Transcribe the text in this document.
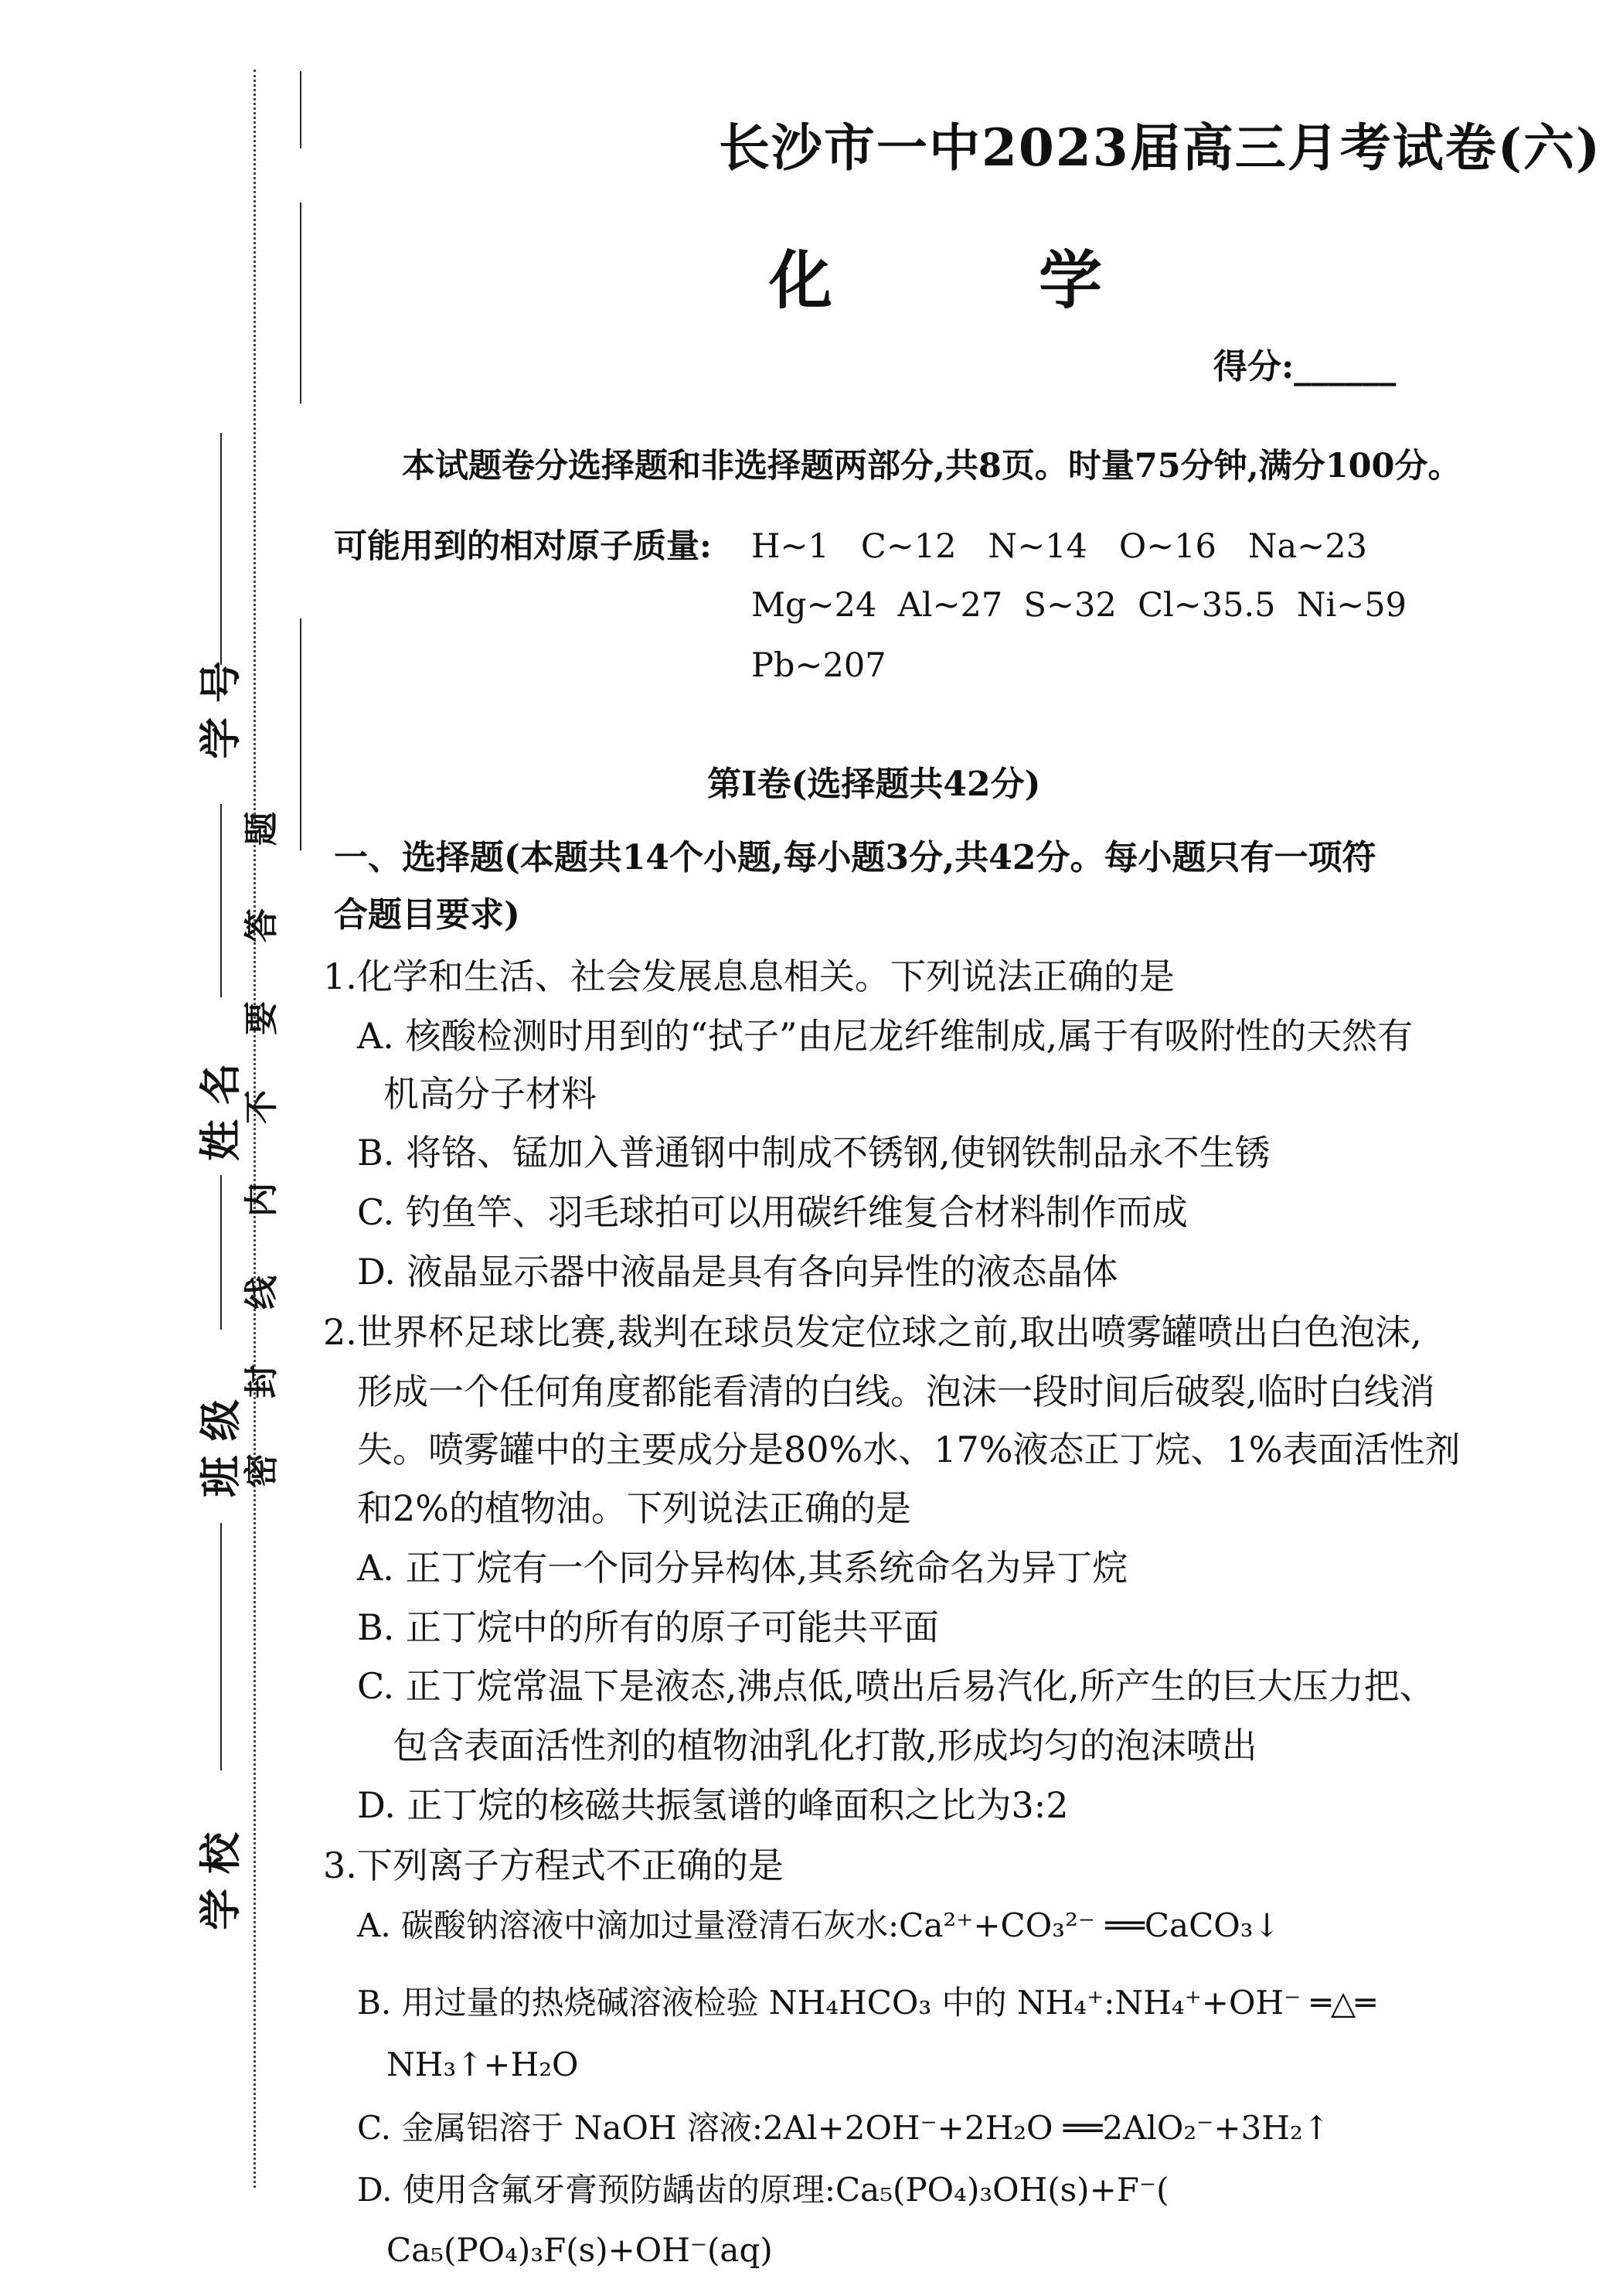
题
答
要
不
内
线
封
密
学 号
姓 名
班 级
学 校
长沙市一中2023届高三月考试卷(六)
化  学
得分:______
本试题卷分选择题和非选择题两部分,共8页。时量75分钟,满分100分。
可能用到的相对原子质量: H~1   C~12   N~14   O~16   Na~23
Mg~24  Al~27  S~32  Cl~35.5  Ni~59
Pb~207
第Ⅰ卷(选择题共42分)
一、选择题(本题共14个小题,每小题3分,共42分。每小题只有一项符
合题目要求)
1.化学和生活、社会发展息息相关。下列说法正确的是
A. 核酸检测时用到的“拭子”由尼龙纤维制成,属于有吸附性的天然有
机高分子材料
B. 将铬、锰加入普通钢中制成不锈钢,使钢铁制品永不生锈
C. 钓鱼竿、羽毛球拍可以用碳纤维复合材料制作而成
D. 液晶显示器中液晶是具有各向异性的液态晶体
2.世界杯足球比赛,裁判在球员发定位球之前,取出喷雾罐喷出白色泡沫,
形成一个任何角度都能看清的白线。泡沫一段时间后破裂,临时白线消
失。喷雾罐中的主要成分是80%水、17%液态正丁烷、1%表面活性剂
和2%的植物油。下列说法正确的是
A. 正丁烷有一个同分异构体,其系统命名为异丁烷
B. 正丁烷中的所有的原子可能共平面
C. 正丁烷常温下是液态,沸点低,喷出后易汽化,所产生的巨大压力把、
包含表面活性剂的植物油乳化打散,形成均匀的泡沫喷出
D. 正丁烷的核磁共振氢谱的峰面积之比为3:2
3.下列离子方程式不正确的是
A. 碳酸钠溶液中滴加过量澄清石灰水:Ca²⁺+CO₃²⁻ ══CaCO₃↓
B. 用过量的热烧碱溶液检验 NH₄HCO₃ 中的 NH₄⁺:NH₄⁺+OH⁻ ═△═
NH₃↑+H₂O
C. 金属铝溶于 NaOH 溶液:2Al+2OH⁻+2H₂O ══2AlO₂⁻+3H₂↑
D. 使用含氟牙膏预防龋齿的原理:Ca₅(PO₄)₃OH(s)+F⁻(
Ca₅(PO₄)₃F(s)+OH⁻(aq)
